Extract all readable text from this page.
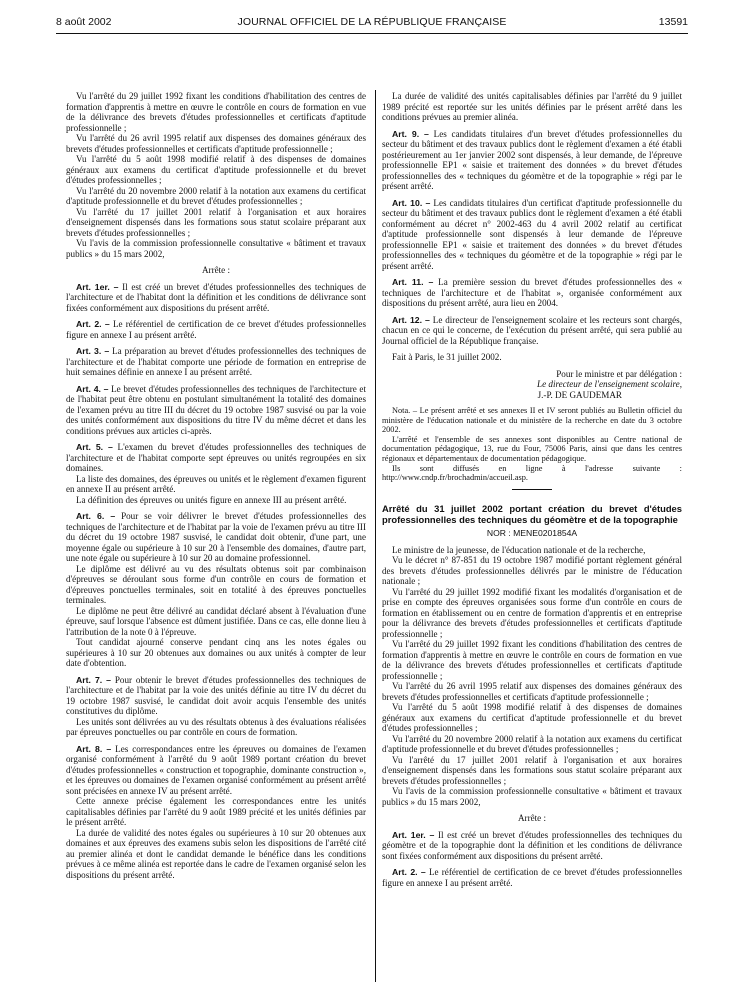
8 août 2002	JOURNAL OFFICIEL DE LA RÉPUBLIQUE FRANÇAISE	13591

Vu l'arrêté du 29 juillet 1992 fixant les conditions d'habilitation des centres de formation d'apprentis à mettre en œuvre le contrôle en cours de formation en vue de la délivrance des brevets d'études professionnelles et certificats d'aptitude professionnelle ;

Vu l'arrêté du 26 avril 1995 relatif aux dispenses des domaines généraux des brevets d'études professionnelles et certificats d'aptitude professionnelle ;

Vu l'arrêté du 5 août 1998 modifié relatif à des dispenses de domaines généraux aux examens du certificat d'aptitude professionnelle et du brevet d'études professionnelles ;

Vu l'arrêté du 20 novembre 2000 relatif à la notation aux examens du certificat d'aptitude professionnelle et du brevet d'études professionnelles ;

Vu l'arrêté du 17 juillet 2001 relatif à l'organisation et aux horaires d'enseignement dispensés dans les formations sous statut scolaire préparant aux brevets d'études professionnelles ;

Vu l'avis de la commission professionnelle consultative « bâtiment et travaux publics » du 15 mars 2002,

Arrête :

Art. 1er. – Il est créé un brevet d'études professionnelles des techniques de l'architecture et de l'habitat dont la définition et les conditions de délivrance sont fixées conformément aux dispositions du présent arrêté.

Art. 2. – Le référentiel de certification de ce brevet d'études professionnelles figure en annexe I au présent arrêté.

Art. 3. – La préparation au brevet d'études professionnelles des techniques de l'architecture et de l'habitat comporte une période de formation en entreprise de huit semaines définie en annexe I au présent arrêté.

Art. 4. – Le brevet d'études professionnelles des techniques de l'architecture et de l'habitat peut être obtenu en postulant simultanément la totalité des domaines de l'examen prévu au titre III du décret du 19 octobre 1987 susvisé ou par la voie des unités conformément aux dispositions du titre IV du même décret et dans les conditions prévues aux articles ci-après.

Art. 5. – L'examen du brevet d'études professionnelles des techniques de l'architecture et de l'habitat comporte sept épreuves ou unités regroupées en six domaines.

La liste des domaines, des épreuves ou unités et le règlement d'examen figurent en annexe II au présent arrêté.

La définition des épreuves ou unités figure en annexe III au présent arrêté.

Art. 6. – Pour se voir délivrer le brevet d'études professionnelles des techniques de l'architecture et de l'habitat par la voie de l'examen prévu au titre III du décret du 19 octobre 1987 susvisé, le candidat doit obtenir, d'une part, une moyenne égale ou supérieure à 10 sur 20 à l'ensemble des domaines, d'autre part, une note égale ou supérieure à 10 sur 20 au domaine professionnel.

Le diplôme est délivré au vu des résultats obtenus soit par combinaison d'épreuves se déroulant sous forme d'un contrôle en cours de formation et d'épreuves ponctuelles terminales, soit en totalité à des épreuves ponctuelles terminales.

Le diplôme ne peut être délivré au candidat déclaré absent à l'évaluation d'une épreuve, sauf lorsque l'absence est dûment justifiée. Dans ce cas, elle donne lieu à l'attribution de la note 0 à l'épreuve.

Tout candidat ajourné conserve pendant cinq ans les notes égales ou supérieures à 10 sur 20 obtenues aux domaines ou aux unités à compter de leur date d'obtention.

Art. 7. – Pour obtenir le brevet d'études professionnelles des techniques de l'architecture et de l'habitat par la voie des unités définie au titre IV du décret du 19 octobre 1987 susvisé, le candidat doit avoir acquis l'ensemble des unités constitutives du diplôme.

Les unités sont délivrées au vu des résultats obtenus à des évaluations réalisées par épreuves ponctuelles ou par contrôle en cours de formation.

Art. 8. – Les correspondances entre les épreuves ou domaines de l'examen organisé conformément à l'arrêté du 9 août 1989 portant création du brevet d'études professionnelles « construction et topographie, dominante construction », et les épreuves ou domaines de l'examen organisé conformément au présent arrêté sont précisées en annexe IV au présent arrêté.

Cette annexe précise également les correspondances entre les unités capitalisables définies par l'arrêté du 9 août 1989 précité et les unités définies par le présent arrêté.

La durée de validité des notes égales ou supérieures à 10 sur 20 obtenues aux domaines et aux épreuves des examens subis selon les dispositions de l'arrêté cité au premier alinéa et dont le candidat demande le bénéfice dans les conditions prévues à ce même alinéa est reportée dans le cadre de l'examen organisé selon les dispositions du présent arrêté.

La durée de validité des unités capitalisables définies par l'arrêté du 9 juillet 1989 précité est reportée sur les unités définies par le présent arrêté dans les conditions prévues au premier alinéa.

Art. 9. – Les candidats titulaires d'un brevet d'études professionnelles du secteur du bâtiment et des travaux publics dont le règlement d'examen a été établi postérieurement au 1er janvier 2002 sont dispensés, à leur demande, de l'épreuve professionnelle EP1 « saisie et traitement des données » du brevet d'études professionnelles des « techniques du géomètre et de la topographie » régi par le présent arrêté.

Art. 10. – Les candidats titulaires d'un certificat d'aptitude professionnelle du secteur du bâtiment et des travaux publics dont le règlement d'examen a été établi conformément au décret n° 2002-463 du 4 avril 2002 relatif au certificat d'aptitude professionnelle sont dispensés à leur demande de l'épreuve professionnelle EP1 « saisie et traitement des données » du brevet d'études professionnelles des « techniques du géomètre et de la topographie » régi par le présent arrêté.

Art. 11. – La première session du brevet d'études professionnelles des « techniques de l'architecture et de l'habitat », organisée conformément aux dispositions du présent arrêté, aura lieu en 2004.

Art. 12. – Le directeur de l'enseignement scolaire et les recteurs sont chargés, chacun en ce qui le concerne, de l'exécution du présent arrêté, qui sera publié au Journal officiel de la République française.

Fait à Paris, le 31 juillet 2002.

Pour le ministre et par délégation :

Le directeur de l'enseignement scolaire,

J.-P. DE GAUDEMAR

Nota. – Le présent arrêté et ses annexes II et IV seront publiés au Bulletin officiel du ministère de l'éducation nationale et du ministère de la recherche en date du 3 octobre 2002.

L'arrêté et l'ensemble de ses annexes sont disponibles au Centre national de documentation pédagogique, 13, rue du Four, 75006 Paris, ainsi que dans les centres régionaux et départementaux de documentation pédagogique.

Ils sont diffusés en ligne à l'adresse suivante : http://www.cndp.fr/brochadmin/accueil.asp.

Arrêté du 31 juillet 2002 portant création du brevet d'études professionnelles des techniques du géomètre et de la topographie

NOR : MENE0201854A

Le ministre de la jeunesse, de l'éducation nationale et de la recherche,

Vu le décret n° 87-851 du 19 octobre 1987 modifié portant règlement général des brevets d'études professionnelles délivrés par le ministre de l'éducation nationale ;

Vu l'arrêté du 29 juillet 1992 modifié fixant les modalités d'organisation et de prise en compte des épreuves organisées sous forme d'un contrôle en cours de formation en établissement ou en centre de formation d'apprentis et en entreprise pour la délivrance des brevets d'études professionnelles et certificats d'aptitude professionnelle ;

Vu l'arrêté du 29 juillet 1992 fixant les conditions d'habilitation des centres de formation d'apprentis à mettre en œuvre le contrôle en cours de formation en vue de la délivrance des brevets d'études professionnelles et certificats d'aptitude professionnelle ;

Vu l'arrêté du 26 avril 1995 relatif aux dispenses des domaines généraux des brevets d'études professionnelles et certificats d'aptitude professionnelle ;

Vu l'arrêté du 5 août 1998 modifié relatif à des dispenses de domaines généraux aux examens du certificat d'aptitude professionnelle et du brevet d'études professionnelles ;

Vu l'arrêté du 20 novembre 2000 relatif à la notation aux examens du certificat d'aptitude professionnelle et du brevet d'études professionnelles ;

Vu l'arrêté du 17 juillet 2001 relatif à l'organisation et aux horaires d'enseignement dispensés dans les formations sous statut scolaire préparant aux brevets d'études professionnelles ;

Vu l'avis de la commission professionnelle consultative « bâtiment et travaux publics » du 15 mars 2002,

Arrête :

Art. 1er. – Il est créé un brevet d'études professionnelles des techniques du géomètre et de la topographie dont la définition et les conditions de délivrance sont fixées conformément aux dispositions du présent arrêté.

Art. 2. – Le référentiel de certification de ce brevet d'études professionnelles figure en annexe I au présent arrêté.
